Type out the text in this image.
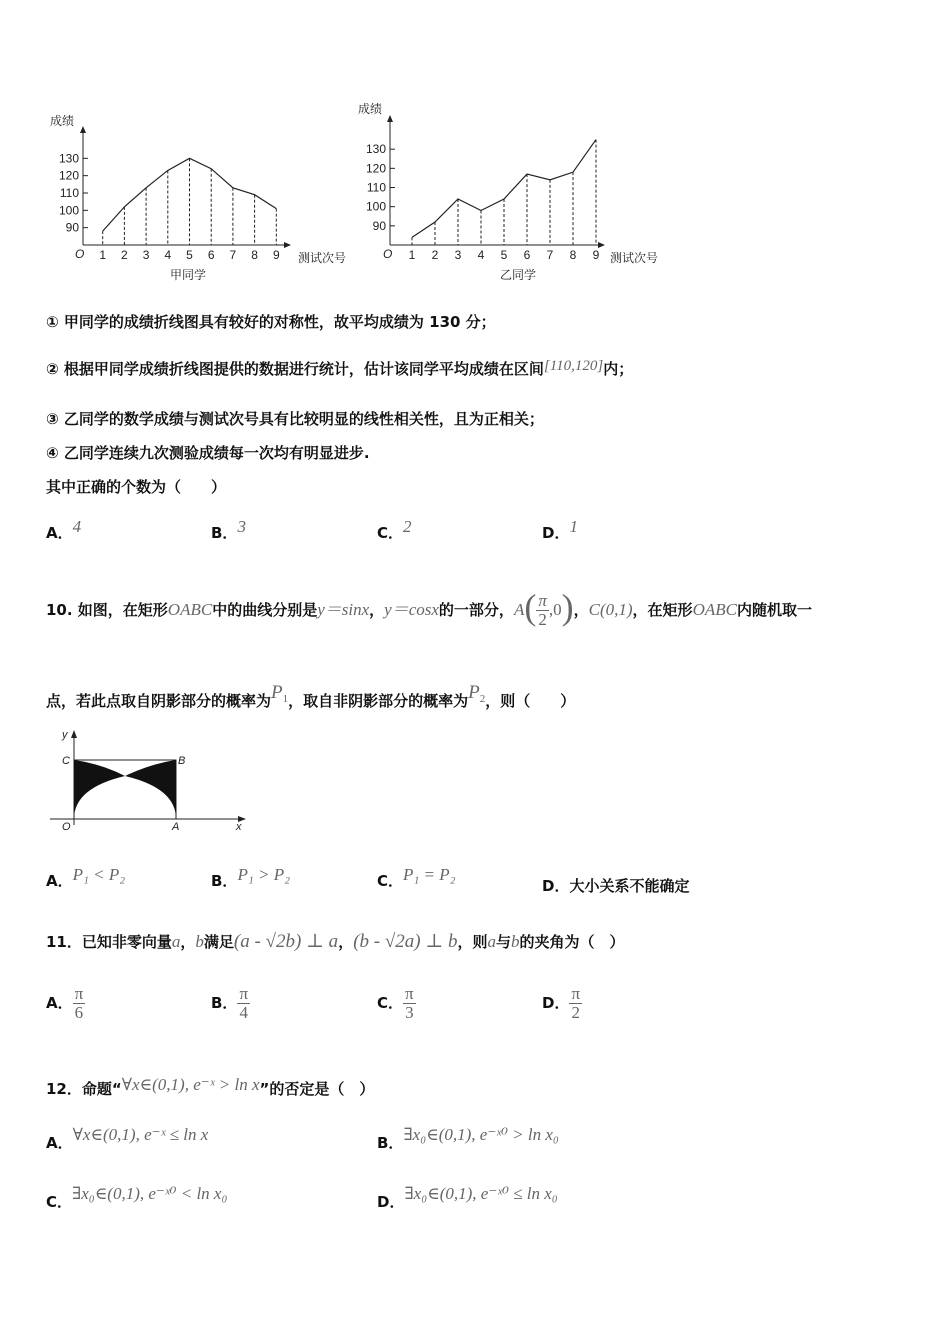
成绩
90
100
110
120
130
1 2 3 4 5 6 7 8 9
O	测试次号
甲同学
成绩
90
100
110
120
130
1 2 3 4 5 6 7 8 9
O	测试次号
乙同学
① 甲同学的成绩折线图具有较好的对称性，故平均成绩为 130 分；
② 根据甲同学成绩折线图提供的数据进行统计，估计该同学平均成绩在区间[110,120]内；
③ 乙同学的数学成绩与测试次号具有比较明显的线性相关性，且为正相关；
④ 乙同学连续九次测验成绩每一次均有明显进步.
其中正确的个数为（　　）
A．4	B．3	C．2	D．1
10. 如图，在矩形OABC中的曲线分别是y＝sinx，y＝cosx的一部分，$A( \frac{\pi}{2} ,0)$，C(0,1)，在矩形OABC内随机取一
点，若此点取自阴影部分的概率为$P^1$，取自非阴影部分的概率为$P^2$，则（　　）
y
C	B
O	A	x
A．P₁ < P₂	B．P₁ > P₂	C．P₁ = P₂
D．大小关系不能确定
11．已知非零向量a，b满足(a - √2b) ⊥ a，(b - √2a) ⊥ b，则a与b的夹角为（　）
A． $\frac{\pi}{6}$	B． $\frac{\pi}{4}$	C． $\frac{\pi}{3}$	D． $\frac{\pi}{2}$
12．命题“∀x∈(0,1), e⁻ˣ > ln x”的否定是（　）
A．∀x∈(0,1), e⁻ˣ ≤ ln x	B．∃x₀∈(0,1), e⁻ˣ⁰ > ln x₀
C．∃x₀∈(0,1), e⁻ˣ⁰ < ln x₀	D．∃x₀∈(0,1), e⁻ˣ⁰ ≤ ln x₀
